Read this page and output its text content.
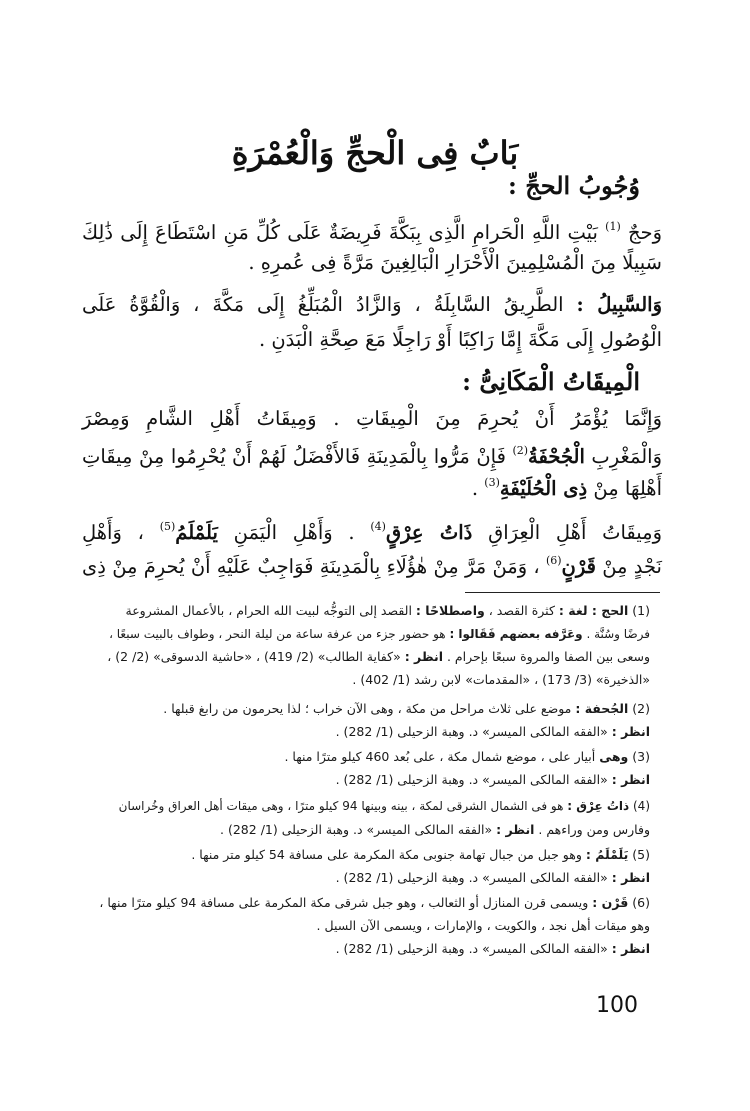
بَابٌ فِى الْحجِّ وَالْعُمْرَةِ
وُجُوبُ الحجِّ :
وَحجٌ $^{(1)}$ بَيْتِ اللَّهِ الْحَرامِ الَّذِى بِبَكَّةَ فَرِيضَةٌ عَلَى كُلِّ مَنِ اسْتَطَاعَ إِلَى ذَٰلِكَ
سَبِيلًا مِنَ الْمُسْلِمِينَ الْأَحْرَارِ الْبَالِغِينَ مَرَّةً فِى عُمرِهِ .
وَالسَّبِيلُ : الطَّرِيقُ السَّابِلَةُ ، وَالزَّادُ الْمُبَلِّغُ إِلَى مَكَّةَ ، وَالْقُوَّةُ عَلَى
الْوُصُولِ إِلَى مَكَّةَ إِمَّا رَاكِبًا أَوْ رَاجِلًا مَعَ صِحَّةِ الْبَدَنِ .
الْمِيقَاتُ الْمَكَانِىُّ :
وَإِنَّمَا يُؤْمَرُ أَنْ يُحرِمَ مِنَ الْمِيقَاتِ . وَمِيقَاتُ أَهْلِ الشَّامِ وَمِصْرَ
وَالْمَغْرِبِ الْجُحْفَةُ$^{(2)}$ فَإِنْ مَرُّوا بِالْمَدِينَةِ فَالأَفْضَلُ لَهُمْ أَنْ يُحْرِمُوا مِنْ مِيقَاتِ
أَهْلِهَا مِنْ ذِى الْحُلَيْفَةِ$^{(3)}$ .
وَمِيقَاتُ أَهْلِ الْعِرَاقِ ذَاتُ عِرْقٍ$^{(4)}$ . وَأَهْلِ الْيَمَنِ يَلَمْلَمُ$^{(5)}$ ، وَأَهْلِ
نَجْدٍ مِنْ قَرْنٍ$^{(6)}$ ، وَمَنْ مَرَّ مِنْ هٰؤُلَاءِ بِالْمَدِينَةِ فَوَاجِبٌ عَلَيْهِ أَنْ يُحرِمَ مِنْ ذِى
(1) الحج : لغة : كثرة القصد ، واصطلاحًا : القصد إلى التوجُّه لبيت الله الحرام ، بالأعمال المشروعة
فرضًا وسُنَّة . وعَرَّفه بعضهم فَقَالوا : هو حضور جزء من عرفة ساعة من ليلة النحر ، وطواف بالبيت سبعًا ،
وسعى بين الصفا والمروة سبعًا بإحرام . انظر : «كفاية الطالب» (2/ 419) ، «حاشية الدسوقى» (2/ 2) ،
«الذخيرة» (3/ 173) ، «المقدمات» لابن رشد (1/ 402) .
(2) الجُحفة : موضع على ثلاث مراحل من مكة ، وهى الآن خراب ؛ لذا يحرمون من رابغ قبلها .
انظر : «الفقه المالكى الميسر» د. وهبة الزحيلى (1/ 282) .
(3) وهى أبيار على ، موضع شمال مكة ، على بُعد 460 كيلو مترًا منها .
انظر : «الفقه المالكى الميسر» د. وهبة الزحيلى (1/ 282) .
(4) ذاتُ عِرْق : هو فى الشمال الشرقى لمكة ، بينه وبينها 94 كيلو مترًا ، وهى ميقات أهل العراق وخُراسان
وفارس ومن وراءهم . انظر : «الفقه المالكى الميسر» د. وهبة الزحيلى (1/ 282) .
(5) يَلَمْلَمُ : وهو جبل من جبال تهامة جنوبى مكة المكرمة على مسافة 54 كيلو متر منها .
انظر : «الفقه المالكى الميسر» د. وهبة الزحيلى (1/ 282) .
(6) قَرْن : ويسمى قرن المنازل أو الثعالب ، وهو جبل شرقى مكة المكرمة على مسافة 94 كيلو مترًا منها ،
وهو ميقات أهل نجد ، والكويت ، والإمارات ، ويسمى الآن السيل .
انظر : «الفقه المالكى الميسر» د. وهبة الزحيلى (1/ 282) .
100
